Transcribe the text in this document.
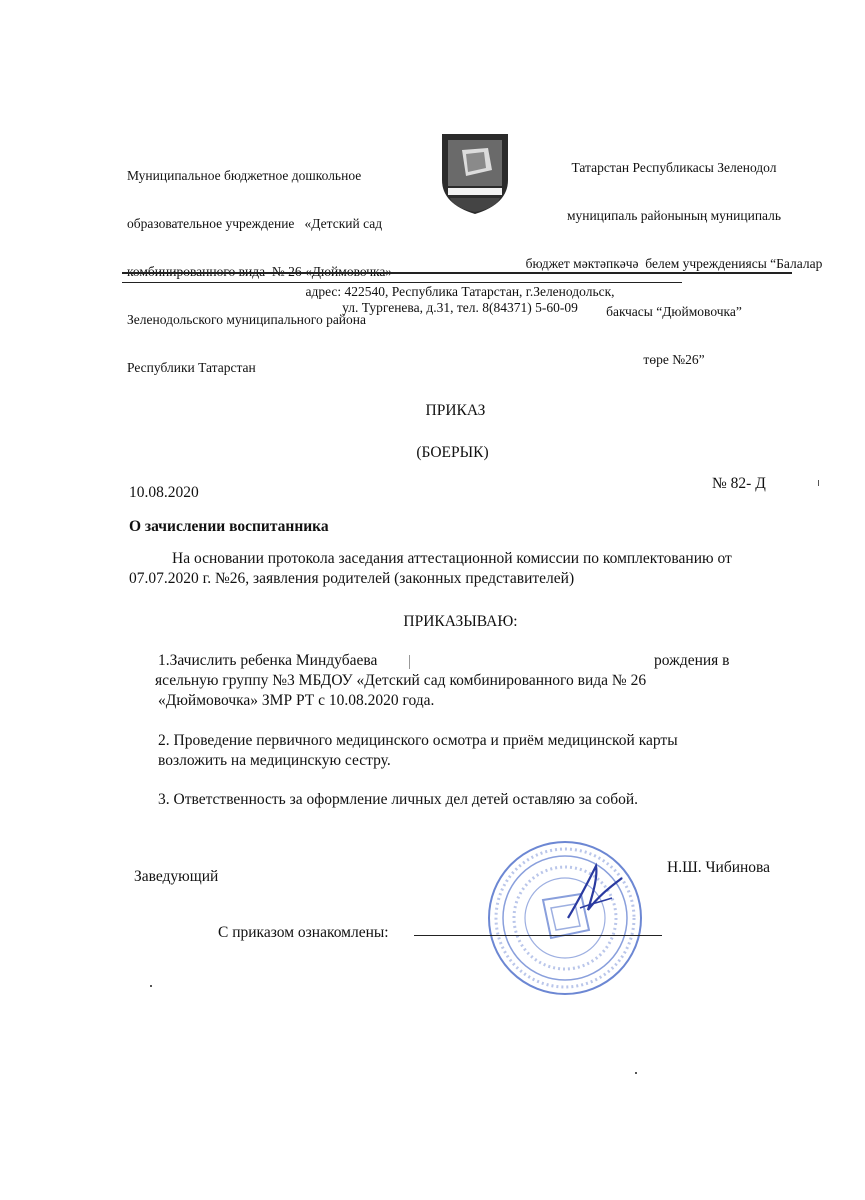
Муниципальное бюджетное дошкольное

образовательное учреждение   «Детский сад

комбинированного вида  № 26 «Дюймовочка»

Зеленодольского муниципального района

Республики Татарстан

Татарстан Республикасы Зеленодол

муниципаль районының муниципаль

бюджет мәктәпкәчә  белем учреждениясы “Балалар

бакчасы “Дюймовочка”

төре №26”

адрес: 422540, Республика Татарстан, г.Зеленодольск,
ул. Тургенева, д.31, тел. 8(84371) 5-60-09
ПРИКАЗ
(БОЕРЫК)
10.08.2020
№ 82- Д
О зачислении воспитанника
На основании протокола заседания аттестационной комиссии по комплектованию от
07.07.2020 г. №26, заявления родителей (законных представителей)
ПРИКАЗЫВАЮ:
1.Зачислить ребенка Миндубаева	рождения в
ясельную группу №3 МБДОУ «Детский сад комбинированного вида № 26
«Дюймовочка» ЗМР РТ с 10.08.2020 года.
2. Проведение первичного медицинского осмотра и приём медицинской карты
возложить на медицинскую сестру.
3. Ответственность за оформление личных дел детей оставляю за собой.
Заведующий
Н.Ш. Чибинова
С приказом ознакомлены:
